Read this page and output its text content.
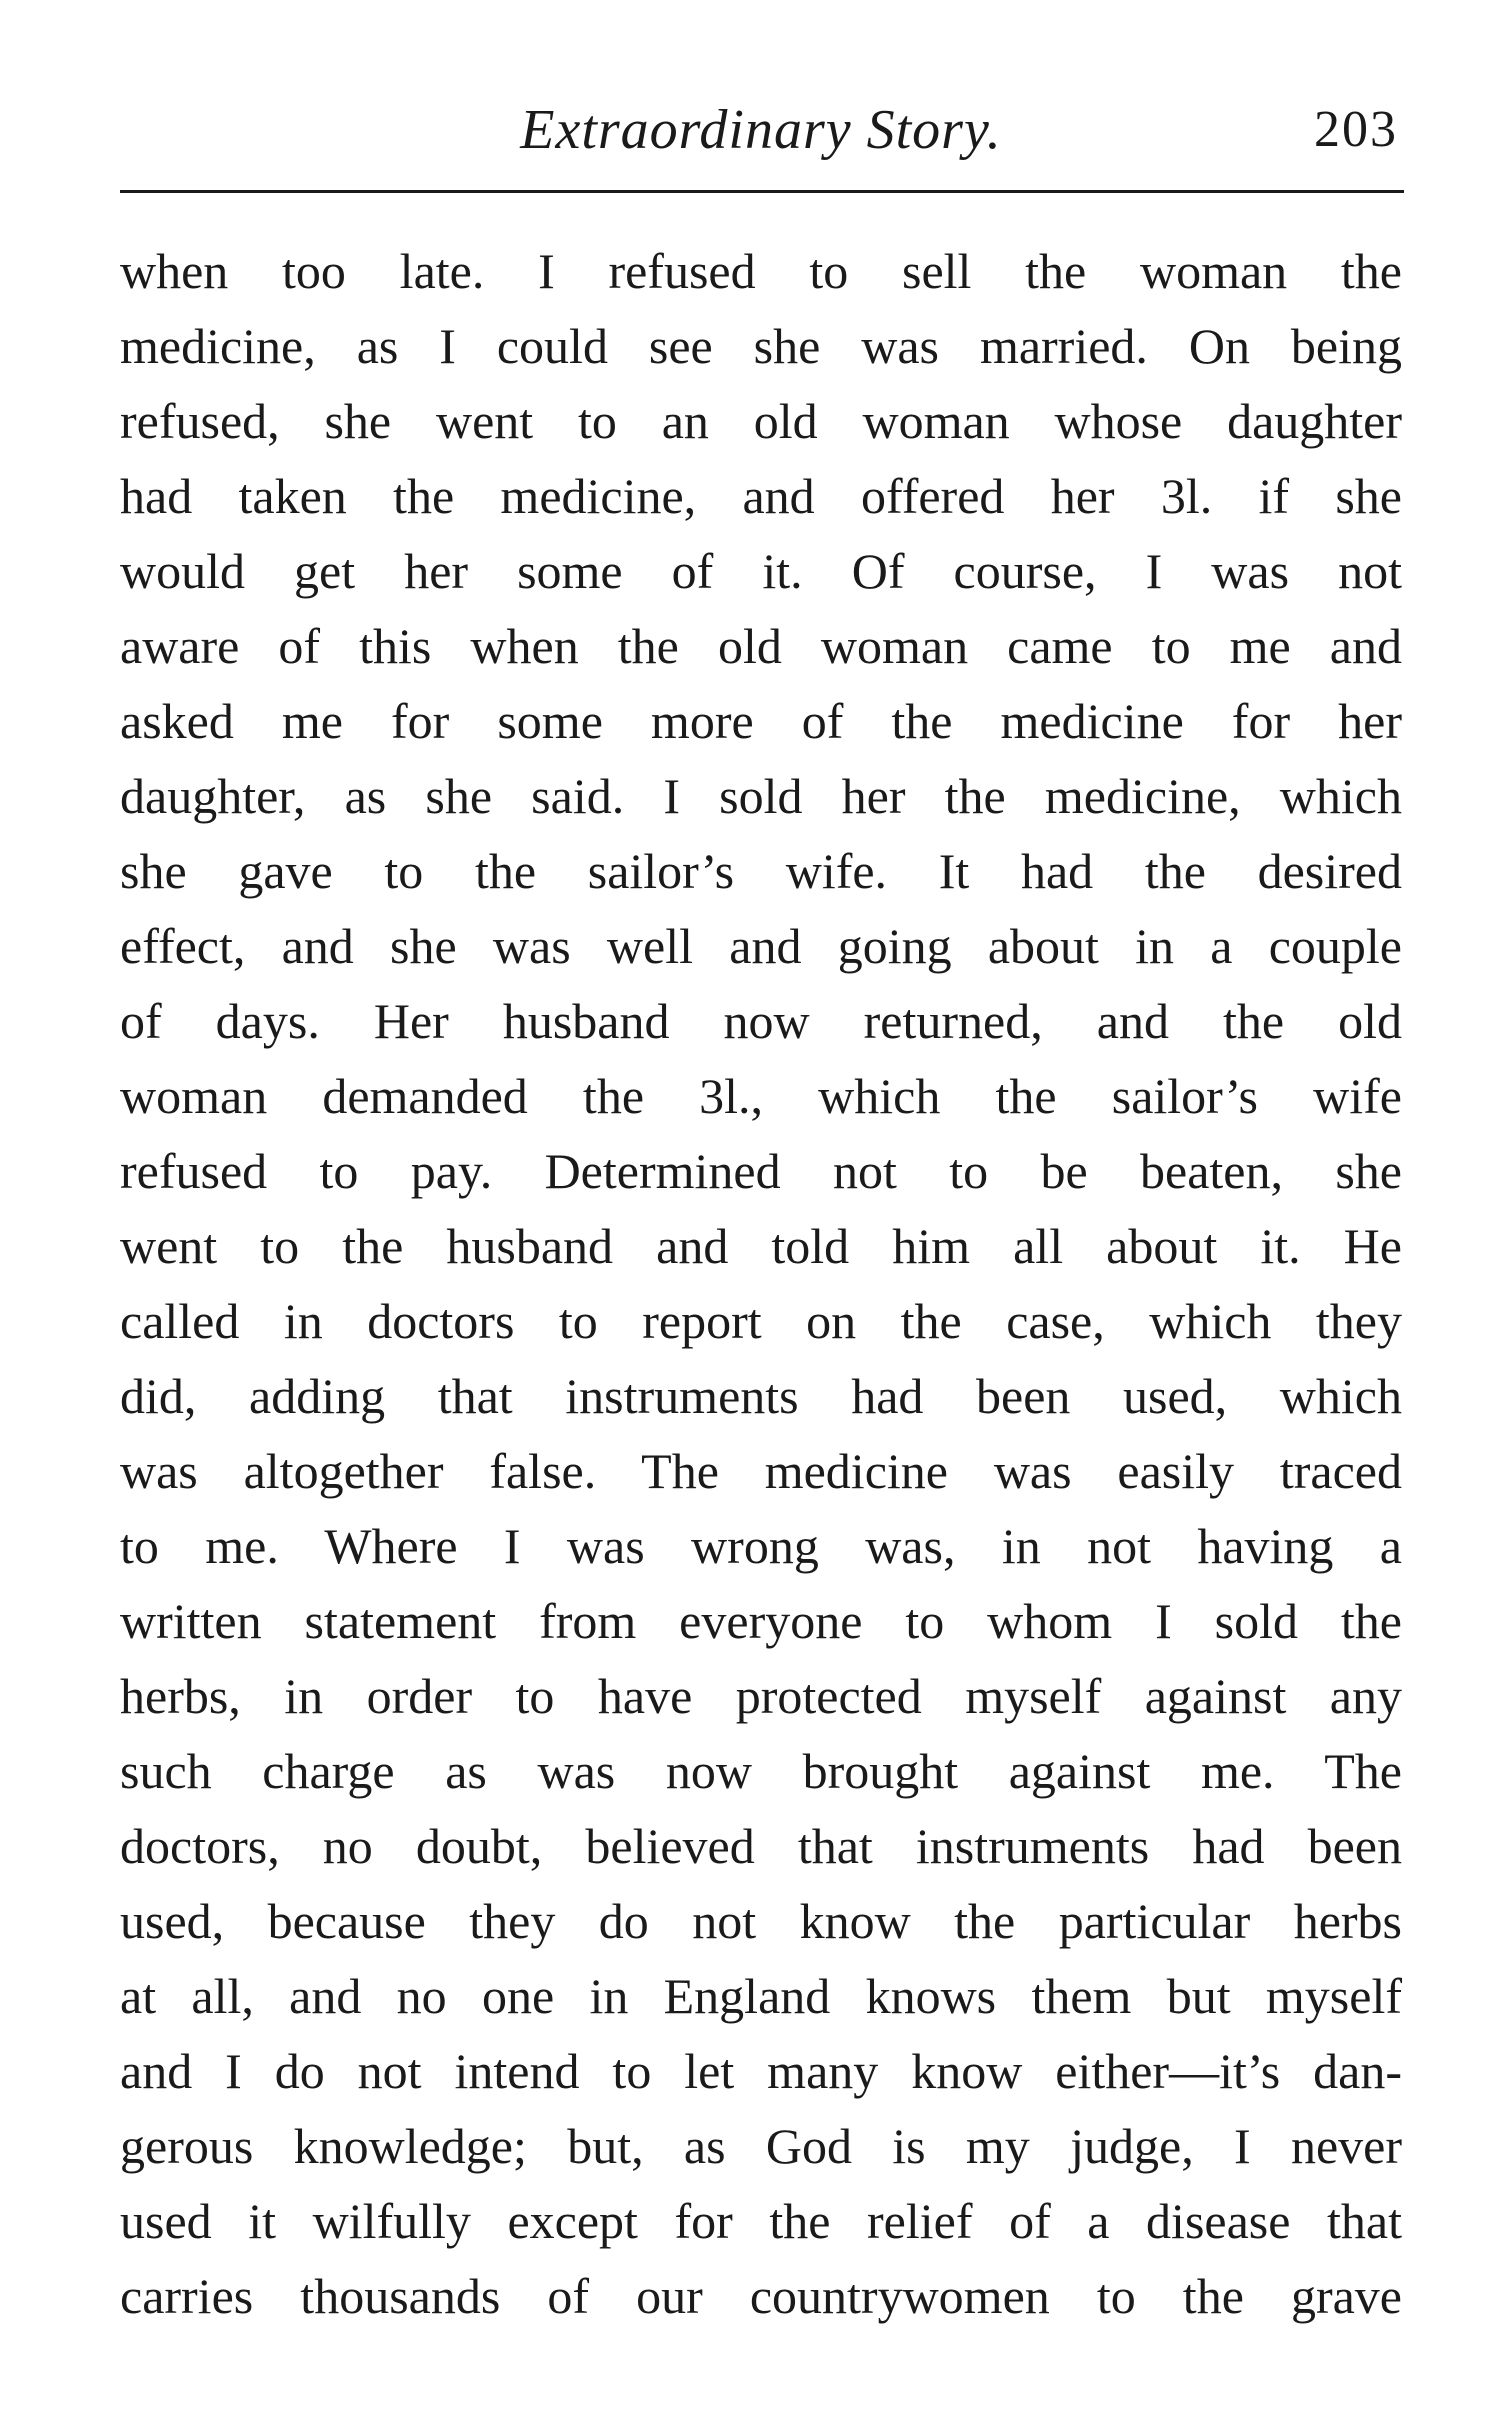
Extraordinary Story.	203
when too late. I refused to sell the woman the
medicine, as I could see she was married. On being
refused, she went to an old woman whose daughter
had taken the medicine, and offered her 3l. if she
would get her some of it. Of course, I was not
aware of this when the old woman came to me and
asked me for some more of the medicine for her
daughter, as she said. I sold her the medicine, which
she gave to the sailor’s wife. It had the desired
effect, and she was well and going about in a couple
of days. Her husband now returned, and the old
woman demanded the 3l., which the sailor’s wife
refused to pay. Determined not to be beaten, she
went to the husband and told him all about it. He
called in doctors to report on the case, which they
did, adding that instruments had been used, which
was altogether false. The medicine was easily traced
to me. Where I was wrong was, in not having a
written statement from everyone to whom I sold the
herbs, in order to have protected myself against any
such charge as was now brought against me. The
doctors, no doubt, believed that instruments had been
used, because they do not know the particular herbs
at all, and no one in England knows them but myself
and I do not intend to let many know either—it’s dan-
gerous knowledge; but, as God is my judge, I never
used it wilfully except for the relief of a disease that
carries thousands of our countrywomen to the grave
